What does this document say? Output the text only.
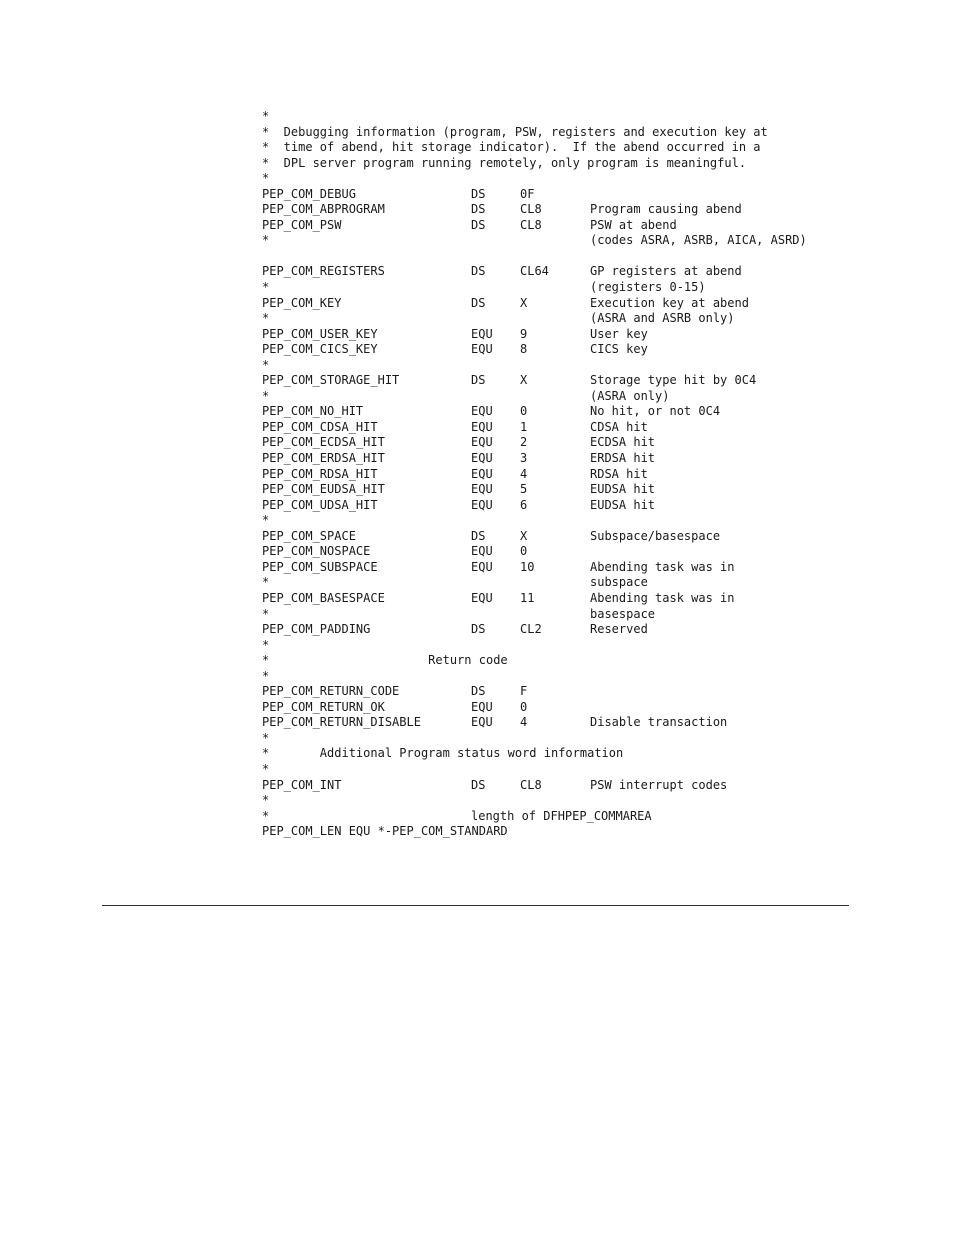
*
*  Debugging information (program, PSW, registers and execution key at
*  time of abend, hit storage indicator).  If the abend occurred in a
*  DPL server program running remotely, only program is meaningful.
*
PEP_COM_DEBUG	DS	0F
PEP_COM_ABPROGRAM	DS	CL8	Program causing abend
PEP_COM_PSW	DS	CL8	PSW at abend
*	(codes ASRA, ASRB, AICA, ASRD)
PEP_COM_REGISTERS	DS	CL64	GP registers at abend
*	(registers 0-15)
PEP_COM_KEY	DS	X	Execution key at abend
*	(ASRA and ASRB only)
PEP_COM_USER_KEY	EQU 9	User key
PEP_COM_CICS_KEY	EQU 8	CICS key
*
PEP_COM_STORAGE_HIT	DS	X	Storage type hit by 0C4
*	(ASRA only)
PEP_COM_NO_HIT	EQU 0	No hit, or not 0C4
PEP_COM_CDSA_HIT	EQU 1	CDSA hit
PEP_COM_ECDSA_HIT	EQU 2	ECDSA hit
PEP_COM_ERDSA_HIT	EQU 3	ERDSA hit
PEP_COM_RDSA_HIT	EQU 4	RDSA hit
PEP_COM_EUDSA_HIT	EQU 5	EUDSA hit
PEP_COM_UDSA_HIT	EQU 6	EUDSA hit
*
PEP_COM_SPACE	DS	X	Subspace/basespace
PEP_COM_NOSPACE	EQU 0
PEP_COM_SUBSPACE	EQU 10	Abending task was in
*	subspace
PEP_COM_BASESPACE	EQU 11	Abending task was in
*	basespace
PEP_COM_PADDING	DS	CL2	Reserved
*
*                      Return code
*
PEP_COM_RETURN_CODE	DS	F
PEP_COM_RETURN_OK	EQU 0
PEP_COM_RETURN_DISABLE	EQU 4	Disable transaction
*
*       Additional Program status word information
*
PEP_COM_INT	DS	CL8	PSW interrupt codes
*
*	length of DFHPEP_COMMAREA
PEP_COM_LEN EQU *-PEP_COM_STANDARD
